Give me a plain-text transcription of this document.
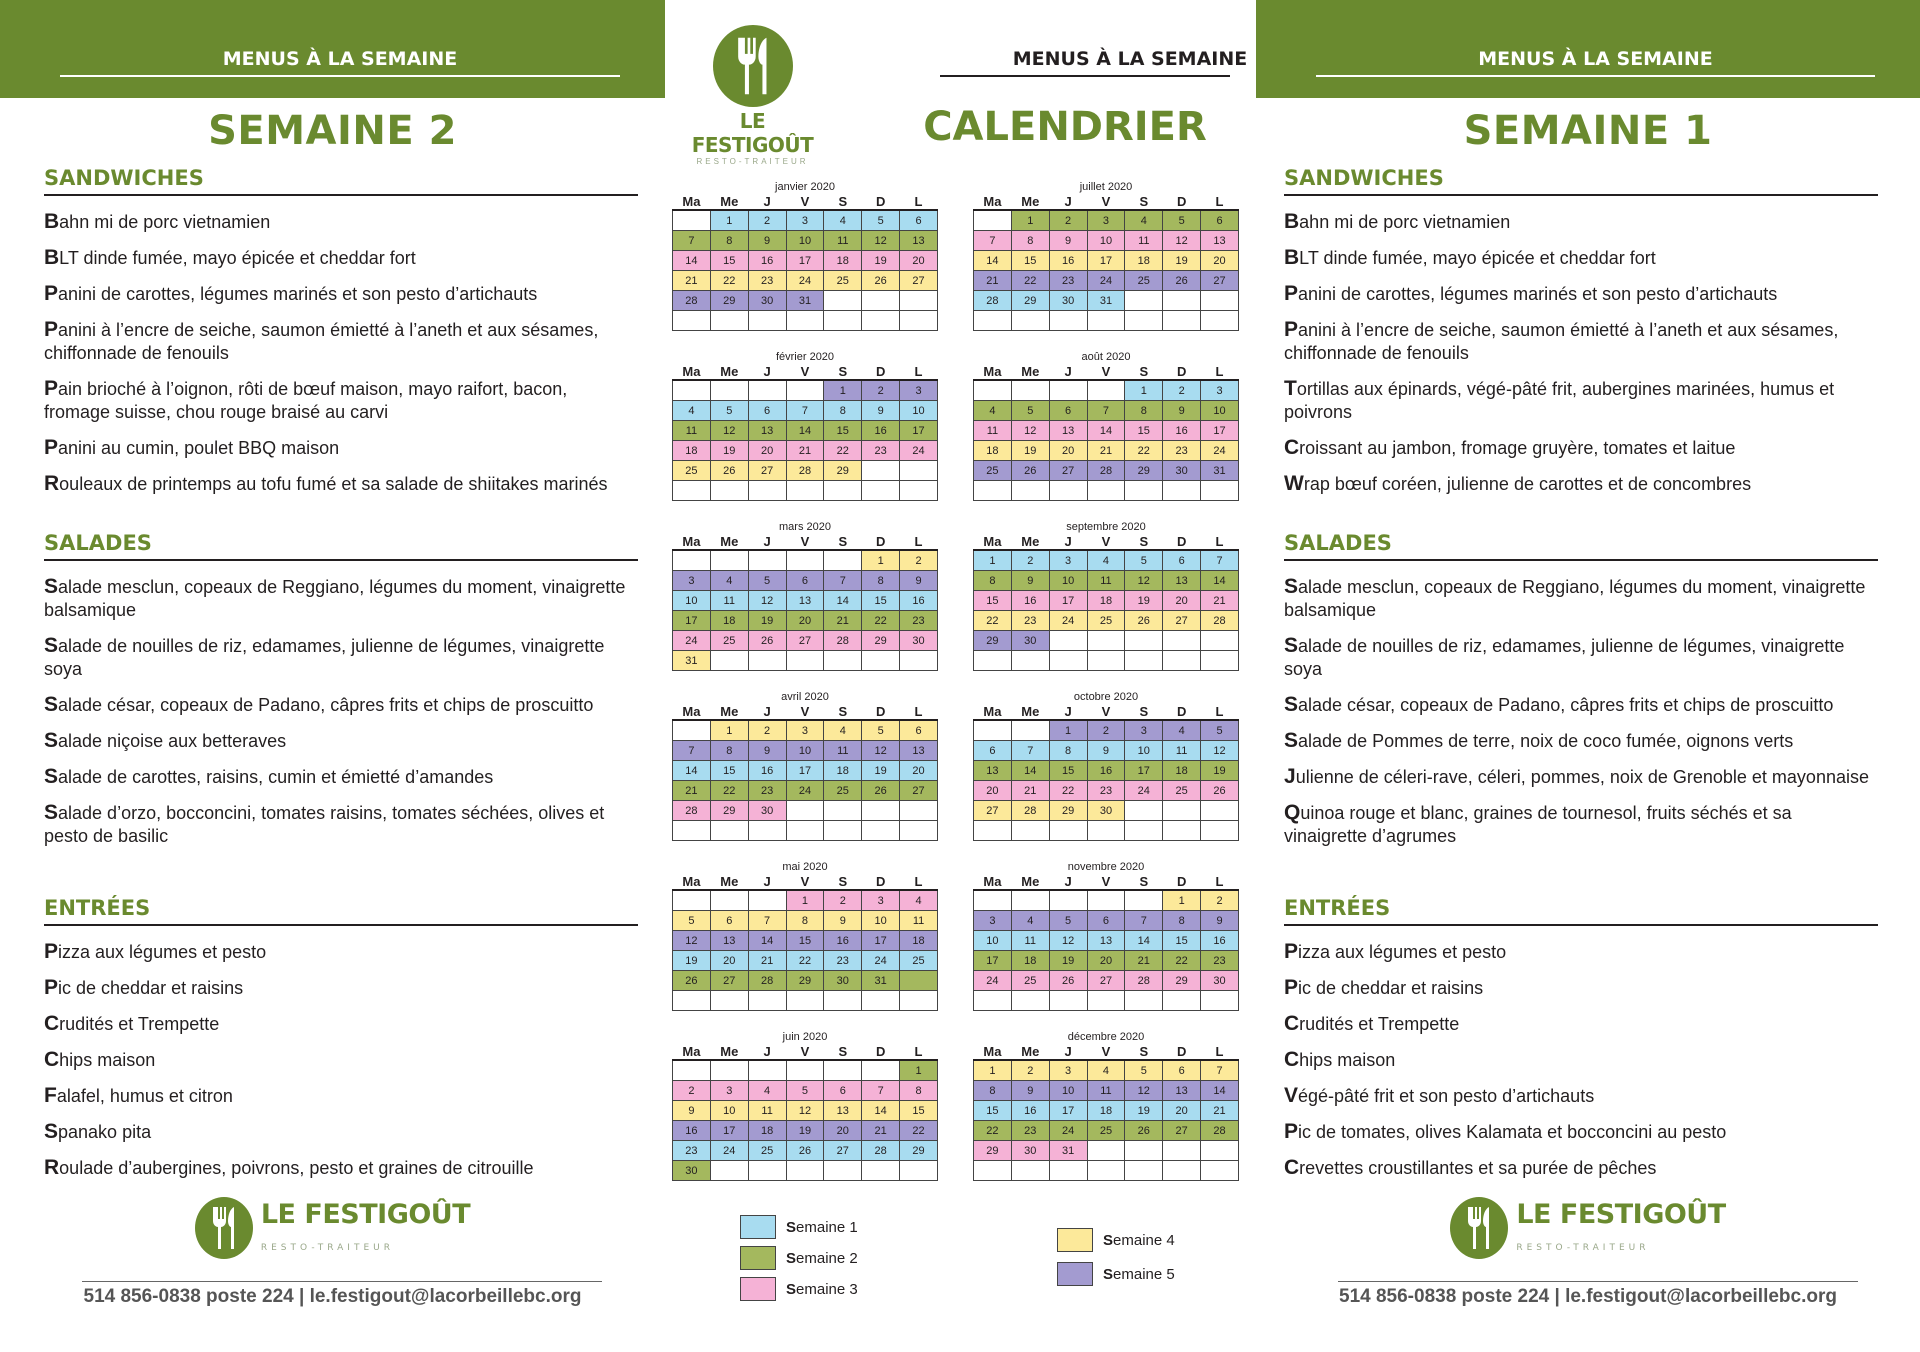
MENUS À LA SEMAINE
SEMAINE 2
SANDWICHES
Bahn mi de porc vietnamien
BLT dinde fumée, mayo épicée et cheddar fort
Panini de carottes, légumes marinés et son pesto d’artichauts
Panini à l’encre de seiche, saumon émietté à l’aneth et aux sésames, chiffonnade de fenouils
Pain brioché à l’oignon, rôti de bœuf maison, mayo raifort, bacon, fromage suisse, chou rouge braisé au carvi
Panini au cumin, poulet BBQ maison
Rouleaux de printemps au tofu fumé et sa salade de shiitakes marinés
SALADES
Salade mesclun, copeaux de Reggiano, légumes du moment, vinaigrette balsamique
Salade de nouilles de riz, edamames, julienne de légumes, vinaigrette soya
Salade césar, copeaux de Padano, câpres frits et chips de proscuitto
Salade niçoise aux betteraves
Salade de carottes, raisins, cumin et émietté d’amandes
Salade d’orzo, bocconcini, tomates raisins, tomates séchées, olives et pesto de basilic
ENTRÉES
Pizza aux légumes et pesto
Pic de cheddar et raisins
Crudités et Trempette
Chips maison
Falafel, humus et citron
Spanako pita
Roulade d’aubergines, poivrons, pesto et graines de citrouille
LE FESTIGOÛT
RESTO-TRAITEUR
514 856-0838 poste 224 | le.festigout@lacorbeillebc.org
LE FESTIGOÛT
RESTO-TRAITEUR
MENUS À LA SEMAINE
CALENDRIER
janvier 2020
Ma	Me	J	V	S	D	L
	1	2	3	4	5	6
7	8	9	10	11	12	13
14	15	16	17	18	19	20
21	22	23	24	25	26	27
28	29	30	31			

juillet 2020
Ma	Me	J	V	S	D	L
	1	2	3	4	5	6
7	8	9	10	11	12	13
14	15	16	17	18	19	20
21	22	23	24	25	26	27
28	29	30	31			

février 2020
Ma	Me	J	V	S	D	L
				1	2	3
4	5	6	7	8	9	10
11	12	13	14	15	16	17
18	19	20	21	22	23	24
25	26	27	28	29		

août 2020
Ma	Me	J	V	S	D	L
				1	2	3
4	5	6	7	8	9	10
11	12	13	14	15	16	17
18	19	20	21	22	23	24
25	26	27	28	29	30	31

mars 2020
Ma	Me	J	V	S	D	L
					1	2
3	4	5	6	7	8	9
10	11	12	13	14	15	16
17	18	19	20	21	22	23
24	25	26	27	28	29	30
31						
septembre 2020
Ma	Me	J	V	S	D	L
1	2	3	4	5	6	7
8	9	10	11	12	13	14
15	16	17	18	19	20	21
22	23	24	25	26	27	28
29	30					

avril 2020
Ma	Me	J	V	S	D	L
	1	2	3	4	5	6
7	8	9	10	11	12	13
14	15	16	17	18	19	20
21	22	23	24	25	26	27
28	29	30				

octobre 2020
Ma	Me	J	V	S	D	L
		1	2	3	4	5
6	7	8	9	10	11	12
13	14	15	16	17	18	19
20	21	22	23	24	25	26
27	28	29	30			

mai 2020
Ma	Me	J	V	S	D	L
			1	2	3	4
5	6	7	8	9	10	11
12	13	14	15	16	17	18
19	20	21	22	23	24	25
26	27	28	29	30	31	

novembre 2020
Ma	Me	J	V	S	D	L
					1	2
3	4	5	6	7	8	9
10	11	12	13	14	15	16
17	18	19	20	21	22	23
24	25	26	27	28	29	30

juin 2020
Ma	Me	J	V	S	D	L
						1
2	3	4	5	6	7	8
9	10	11	12	13	14	15
16	17	18	19	20	21	22
23	24	25	26	27	28	29
30						
décembre 2020
Ma	Me	J	V	S	D	L
1	2	3	4	5	6	7
8	9	10	11	12	13	14
15	16	17	18	19	20	21
22	23	24	25	26	27	28
29	30	31				

Semaine 1
Semaine 2
Semaine 3
Semaine 4
Semaine 5
MENUS À LA SEMAINE
SEMAINE 1
SANDWICHES
Bahn mi de porc vietnamien
BLT dinde fumée, mayo épicée et cheddar fort
Panini de carottes, légumes marinés et son pesto d’artichauts
Panini à l’encre de seiche, saumon émietté à l’aneth et aux sésames, chiffonnade de fenouils
Tortillas aux épinards, végé-pâté frit, aubergines marinées, humus et poivrons
Croissant au jambon, fromage gruyère, tomates et laitue
Wrap bœuf coréen, julienne de carottes et de concombres
SALADES
Salade mesclun, copeaux de Reggiano, légumes du moment, vinaigrette balsamique
Salade de nouilles de riz, edamames, julienne de légumes, vinaigrette soya
Salade césar, copeaux de Padano, câpres frits et chips de proscuitto
Salade de Pommes de terre, noix de coco fumée, oignons verts
Julienne de céleri-rave, céleri, pommes, noix de Grenoble et mayonnaise
Quinoa rouge et blanc, graines de tournesol, fruits séchés et sa vinaigrette d’agrumes
ENTRÉES
Pizza aux légumes et pesto
Pic de cheddar et raisins
Crudités et Trempette
Chips maison
Végé-pâté frit et son pesto d’artichauts
Pic de tomates, olives Kalamata et bocconcini au pesto
Crevettes croustillantes et sa purée de pêches
LE FESTIGOÛT
RESTO-TRAITEUR
514 856-0838 poste 224 | le.festigout@lacorbeillebc.org
